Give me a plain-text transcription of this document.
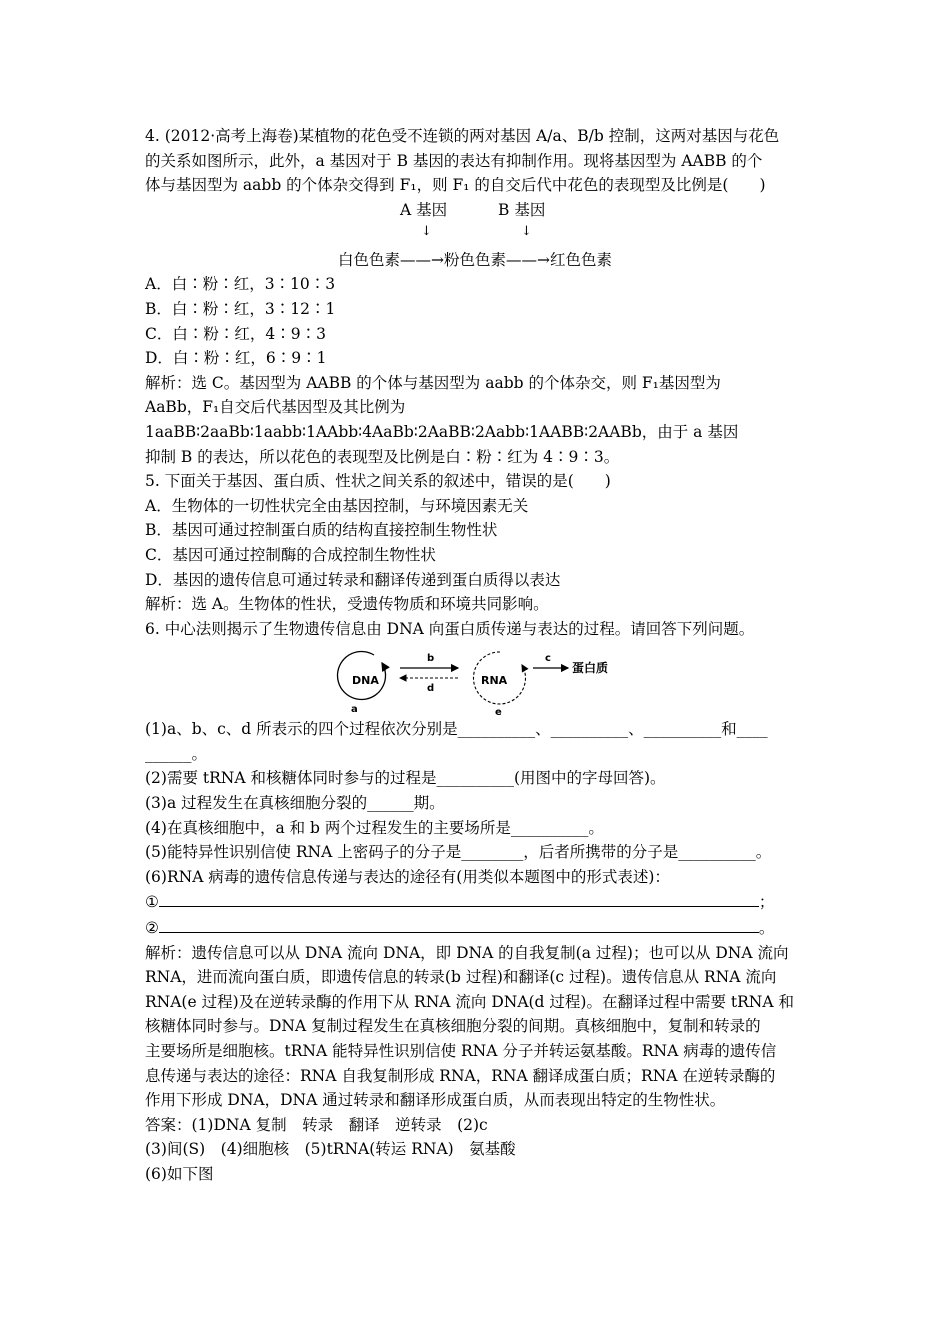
4. (2012·高考上海卷)某植物的花色受不连锁的两对基因 A/a、B/b 控制，这两对基因与花色
的关系如图所示，此外，a 基因对于 B 基因的表达有抑制作用。现将基因型为 AABB 的个
体与基因型为 aabb 的个体杂交得到 F₁，则 F₁ 的自交后代中花色的表现型及比例是(　　)
A 基因	B 基因
↓	↓
白色色素——→粉色色素——→红色色素
A．白∶粉∶红，3∶10∶3
B．白∶粉∶红，3∶12∶1
C．白∶粉∶红，4∶9∶3
D．白∶粉∶红，6∶9∶1
解析：选 C。基因型为 AABB 的个体与基因型为 aabb 的个体杂交，则 F₁基因型为
AaBb，F₁自交后代基因型及其比例为
1aaBB∶2aaBb∶1aabb∶1AAbb∶4AaBb∶2AaBB∶2Aabb∶1AABB∶2AABb，由于 a 基因
抑制 B 的表达，所以花色的表现型及比例是白∶粉∶红为 4∶9∶3。
5. 下面关于基因、蛋白质、性状之间关系的叙述中，错误的是(　　)
A．生物体的一切性状完全由基因控制，与环境因素无关
B．基因可通过控制蛋白质的结构直接控制生物性状
C．基因可通过控制酶的合成控制生物性状
D．基因的遗传信息可通过转录和翻译传递到蛋白质得以表达
解析：选 A。生物体的性状，受遗传物质和环境共同影响。
6. 中心法则揭示了生物遗传信息由 DNA 向蛋白质传递与表达的过程。请回答下列问题。
DNA
a
b
d
RNA
e
c
蛋白质
(1)a、b、c、d 所表示的四个过程依次分别是__________、__________、__________和____
______。
(2)需要 tRNA 和核糖体同时参与的过程是__________(用图中的字母回答)。
(3)a 过程发生在真核细胞分裂的______期。
(4)在真核细胞中，a 和 b 两个过程发生的主要场所是__________。
(5)能特异性识别信使 RNA 上密码子的分子是________，后者所携带的分子是__________。
(6)RNA 病毒的遗传信息传递与表达的途径有(用类似本题图中的形式表述)：
①	；
②	。
解析：遗传信息可以从 DNA 流向 DNA，即 DNA 的自我复制(a 过程)；也可以从 DNA 流向
RNA，进而流向蛋白质，即遗传信息的转录(b 过程)和翻译(c 过程)。遗传信息从 RNA 流向
RNA(e 过程)及在逆转录酶的作用下从 RNA 流向 DNA(d 过程)。在翻译过程中需要 tRNA 和
核糖体同时参与。DNA 复制过程发生在真核细胞分裂的间期。真核细胞中，复制和转录的
主要场所是细胞核。tRNA 能特异性识别信使 RNA 分子并转运氨基酸。RNA 病毒的遗传信
息传递与表达的途径：RNA 自我复制形成 RNA，RNA 翻译成蛋白质；RNA 在逆转录酶的
作用下形成 DNA，DNA 通过转录和翻译形成蛋白质，从而表现出特定的生物性状。
答案：(1)DNA 复制　转录　翻译　逆转录　(2)c
(3)间(S)　(4)细胞核　(5)tRNA(转运 RNA)　氨基酸
(6)如下图
